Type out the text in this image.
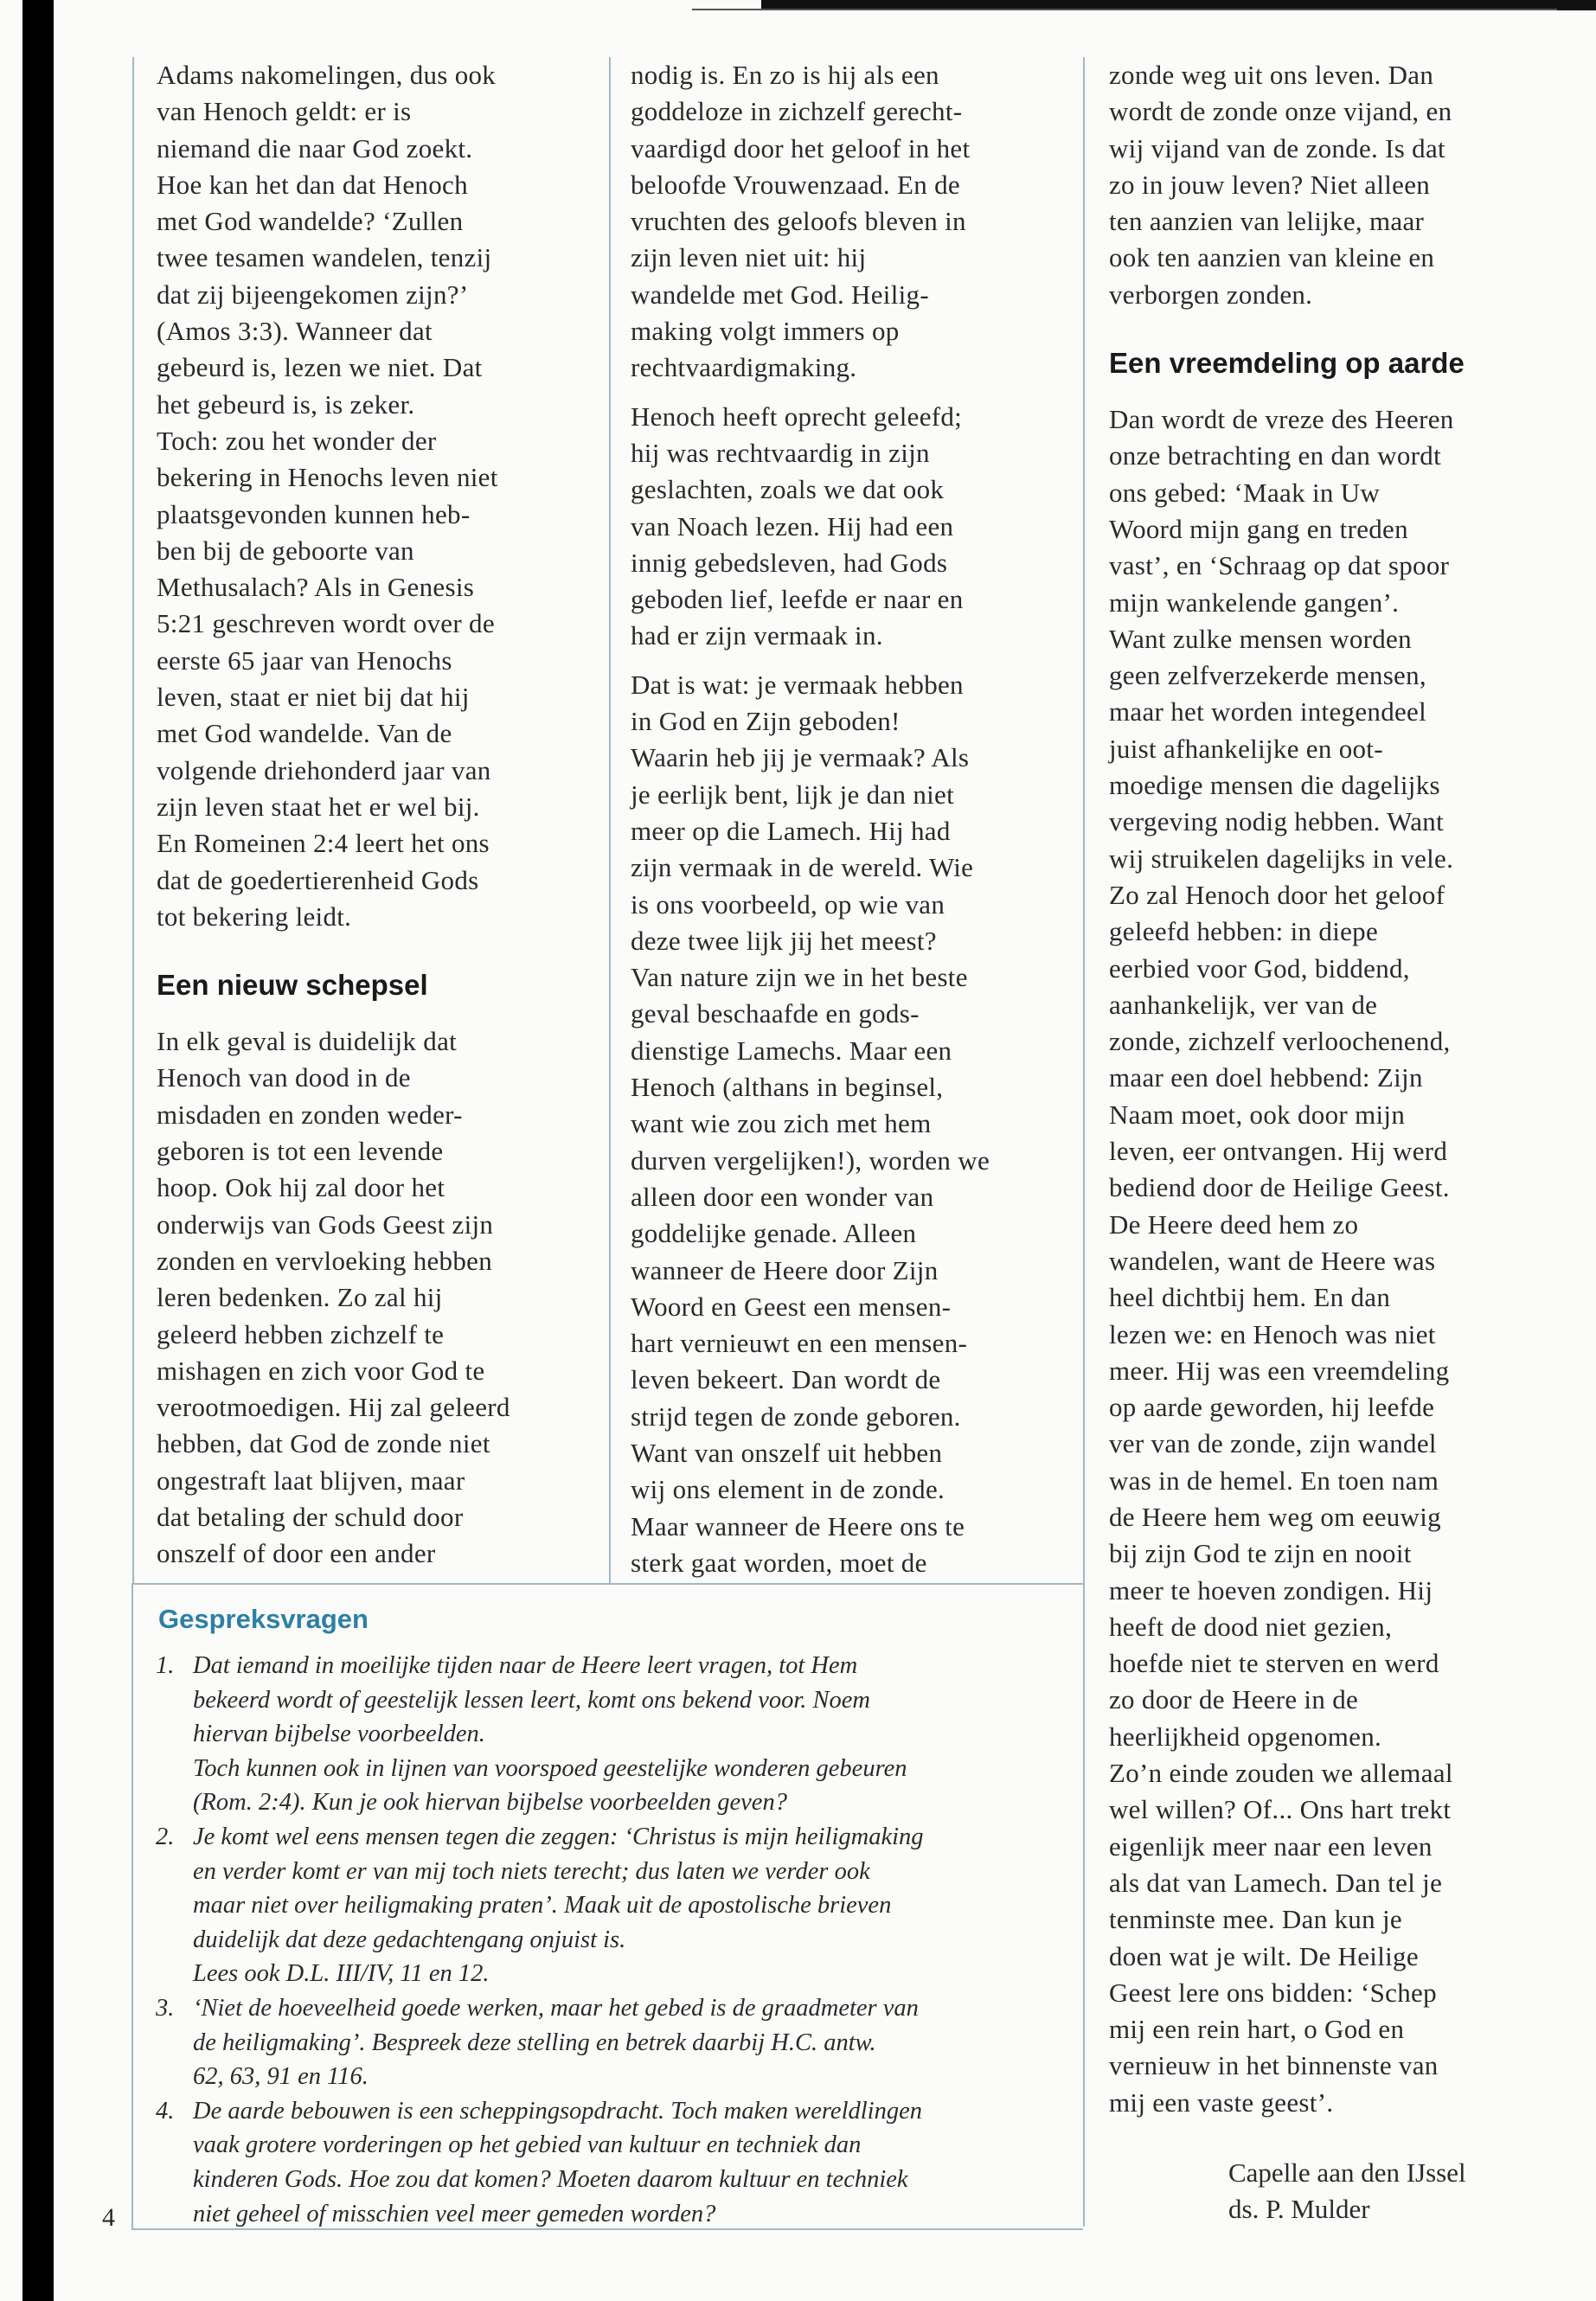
Adams nakomelingen, dus ook
van Henoch geldt: er is
niemand die naar God zoekt.
Hoe kan het dan dat Henoch
met God wandelde? ‘Zullen
twee tesamen wandelen, tenzij
dat zij bijeengekomen zijn?’
(Amos 3:3). Wanneer dat
gebeurd is, lezen we niet. Dat
het gebeurd is, is zeker.
Toch: zou het wonder der
bekering in Henochs leven niet
plaatsgevonden kunnen heb-
ben bij de geboorte van
Methusalach? Als in Genesis
5:21 geschreven wordt over de
eerste 65 jaar van Henochs
leven, staat er niet bij dat hij
met God wandelde. Van de
volgende driehonderd jaar van
zijn leven staat het er wel bij.
En Romeinen 2:4 leert het ons
dat de goedertierenheid Gods
tot bekering leidt.

Een nieuw schepsel

In elk geval is duidelijk dat
Henoch van dood in de
misdaden en zonden weder-
geboren is tot een levende
hoop. Ook hij zal door het
onderwijs van Gods Geest zijn
zonden en vervloeking hebben
leren bedenken. Zo zal hij
geleerd hebben zichzelf te
mishagen en zich voor God te
verootmoedigen. Hij zal geleerd
hebben, dat God de zonde niet
ongestraft laat blijven, maar
dat betaling der schuld door
onszelf of door een ander

nodig is. En zo is hij als een
goddeloze in zichzelf gerecht-
vaardigd door het geloof in het
beloofde Vrouwenzaad. En de
vruchten des geloofs bleven in
zijn leven niet uit: hij
wandelde met God. Heilig-
making volgt immers op
rechtvaardigmaking.

Henoch heeft oprecht geleefd;
hij was rechtvaardig in zijn
geslachten, zoals we dat ook
van Noach lezen. Hij had een
innig gebedsleven, had Gods
geboden lief, leefde er naar en
had er zijn vermaak in.

Dat is wat: je vermaak hebben
in God en Zijn geboden!
Waarin heb jij je vermaak? Als
je eerlijk bent, lijk je dan niet
meer op die Lamech. Hij had
zijn vermaak in de wereld. Wie
is ons voorbeeld, op wie van
deze twee lijk jij het meest?
Van nature zijn we in het beste
geval beschaafde en gods-
dienstige Lamechs. Maar een
Henoch (althans in beginsel,
want wie zou zich met hem
durven vergelijken!), worden we
alleen door een wonder van
goddelijke genade. Alleen
wanneer de Heere door Zijn
Woord en Geest een mensen-
hart vernieuwt en een mensen-
leven bekeert. Dan wordt de
strijd tegen de zonde geboren.
Want van onszelf uit hebben
wij ons element in de zonde.
Maar wanneer de Heere ons te
sterk gaat worden, moet de

zonde weg uit ons leven. Dan
wordt de zonde onze vijand, en
wij vijand van de zonde. Is dat
zo in jouw leven? Niet alleen
ten aanzien van lelijke, maar
ook ten aanzien van kleine en
verborgen zonden.

Een vreemdeling op aarde

Dan wordt de vreze des Heeren
onze betrachting en dan wordt
ons gebed: ‘Maak in Uw
Woord mijn gang en treden
vast’, en ‘Schraag op dat spoor
mijn wankelende gangen’.
Want zulke mensen worden
geen zelfverzekerde mensen,
maar het worden integendeel
juist afhankelijke en oot-
moedige mensen die dagelijks
vergeving nodig hebben. Want
wij struikelen dagelijks in vele.
Zo zal Henoch door het geloof
geleefd hebben: in diepe
eerbied voor God, biddend,
aanhankelijk, ver van de
zonde, zichzelf verloochenend,
maar een doel hebbend: Zijn
Naam moet, ook door mijn
leven, eer ontvangen. Hij werd
bediend door de Heilige Geest.
De Heere deed hem zo
wandelen, want de Heere was
heel dichtbij hem. En dan
lezen we: en Henoch was niet
meer. Hij was een vreemdeling
op aarde geworden, hij leefde
ver van de zonde, zijn wandel
was in de hemel. En toen nam
de Heere hem weg om eeuwig
bij zijn God te zijn en nooit
meer te hoeven zondigen. Hij
heeft de dood niet gezien,
hoefde niet te sterven en werd
zo door de Heere in de
heerlijkheid opgenomen.
Zo’n einde zouden we allemaal
wel willen? Of... Ons hart trekt
eigenlijk meer naar een leven
als dat van Lamech. Dan tel je
tenminste mee. Dan kun je
doen wat je wilt. De Heilige
Geest lere ons bidden: ‘Schep
mij een rein hart, o God en
vernieuw in het binnenste van
mij een vaste geest’.

Gespreksvragen
1. Dat iemand in moeilijke tijden naar de Heere leert vragen, tot Hem
bekeerd wordt of geestelijk lessen leert, komt ons bekend voor. Noem
hiervan bijbelse voorbeelden.
Toch kunnen ook in lijnen van voorspoed geestelijke wonderen gebeuren
(Rom. 2:4). Kun je ook hiervan bijbelse voorbeelden geven?
2. Je komt wel eens mensen tegen die zeggen: ‘Christus is mijn heiligmaking
en verder komt er van mij toch niets terecht; dus laten we verder ook
maar niet over heiligmaking praten’. Maak uit de apostolische brieven
duidelijk dat deze gedachtengang onjuist is.
Lees ook D.L. III/IV, 11 en 12.
3. ‘Niet de hoeveelheid goede werken, maar het gebed is de graadmeter van
de heiligmaking’. Bespreek deze stelling en betrek daarbij H.C. antw.
62, 63, 91 en 116.
4. De aarde bebouwen is een scheppingsopdracht. Toch maken wereldlingen
vaak grotere vorderingen op het gebied van kultuur en techniek dan
kinderen Gods. Hoe zou dat komen? Moeten daarom kultuur en techniek
niet geheel of misschien veel meer gemeden worden?
4
Capelle aan den IJssel
ds. P. Mulder
